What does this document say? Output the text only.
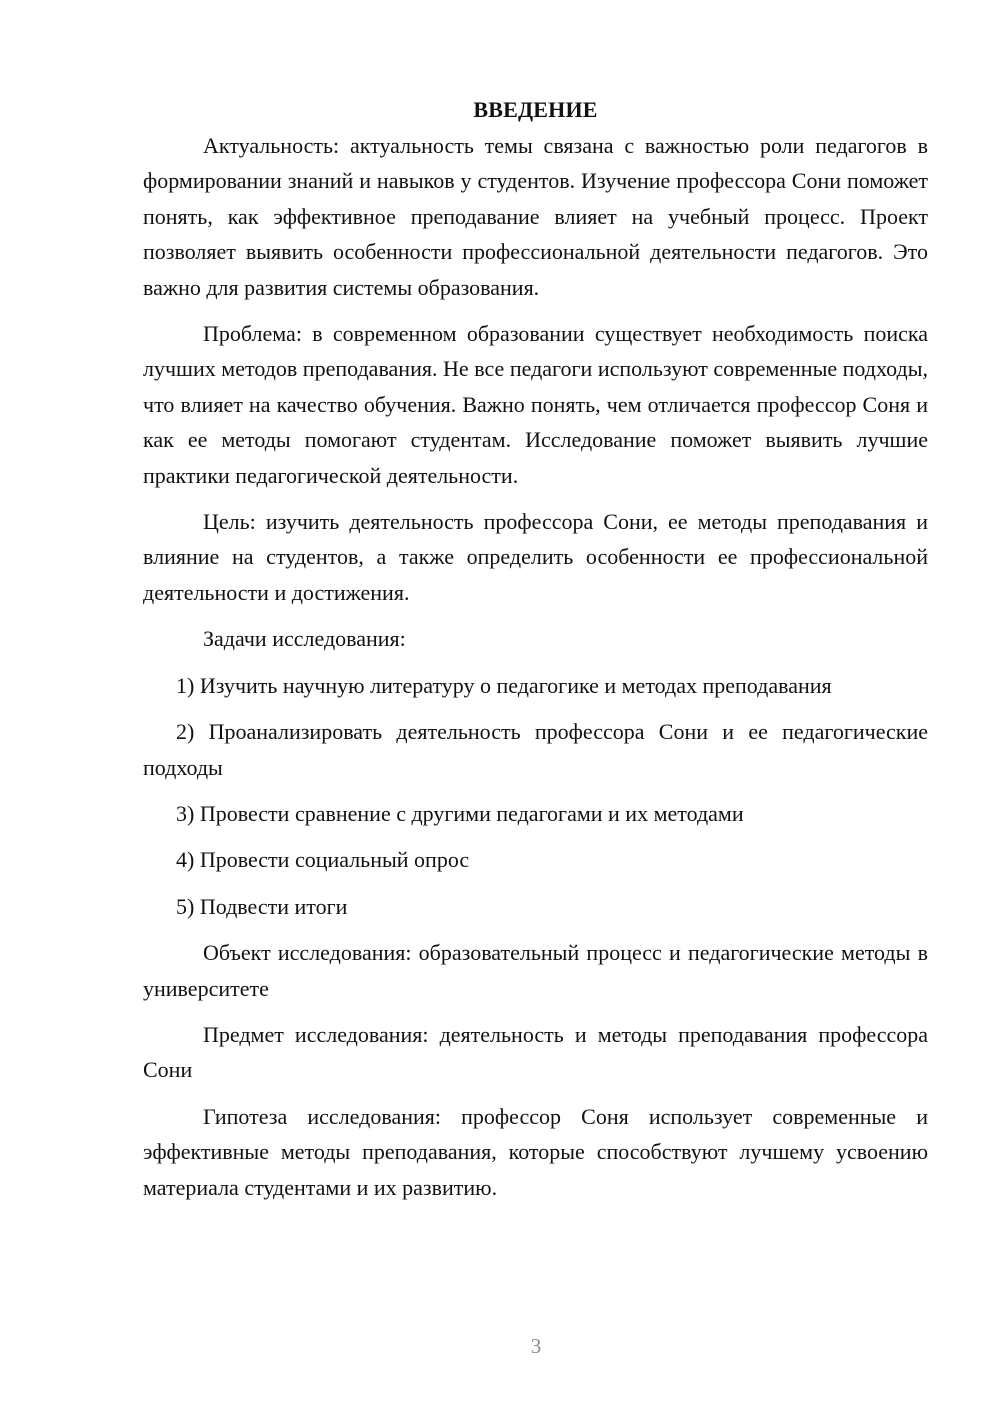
ВВЕДЕНИЕ

Актуальность: актуальность темы связана с важностью роли педагогов в формировании знаний и навыков у студентов. Изучение профессора Сони поможет понять, как эффективное преподавание влияет на учебный процесс. Проект позволяет выявить особенности профессиональной деятельности педагогов. Это важно для развития системы образования.

Проблема: в современном образовании существует необходимость поиска лучших методов преподавания. Не все педагоги используют современные подходы, что влияет на качество обучения. Важно понять, чем отличается профессор Соня и как ее методы помогают студентам. Исследование поможет выявить лучшие практики педагогической деятельности.

Цель: изучить деятельность профессора Сони, ее методы преподавания и влияние на студентов, а также определить особенности ее профессиональной деятельности и достижения.

Задачи исследования:

1) Изучить научную литературу о педагогике и методах преподавания

2) Проанализировать деятельность профессора Сони и ее педагогические подходы

3) Провести сравнение с другими педагогами и их методами

4) Провести социальный опрос

5) Подвести итоги

Объект исследования: образовательный процесс и педагогические методы в университете

Предмет исследования: деятельность и методы преподавания профессора Сони

Гипотеза исследования: профессор Соня использует современные и эффективные методы преподавания, которые способствуют лучшему усвоению материала студентами и их развитию.

3
